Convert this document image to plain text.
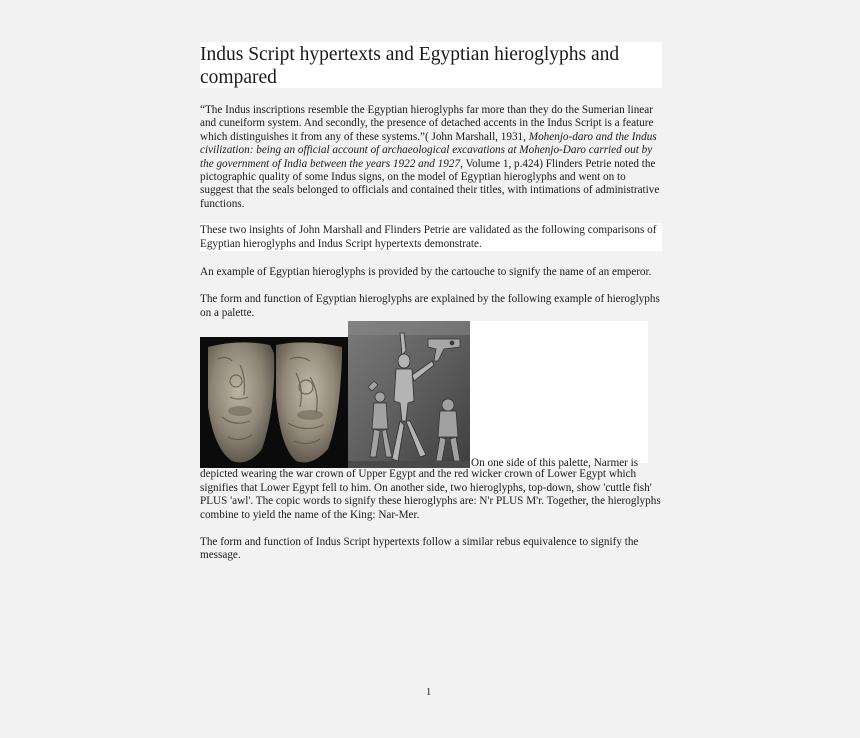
Indus Script hypertexts and Egyptian hieroglyphs and compared

“The Indus inscriptions resemble the Egyptian hieroglyphs far more than they do the Sumerian linear and cuneiform system. And secondly, the presence of detached accents in the Indus Script is a feature which distinguishes it from any of these systems.”( John Marshall, 1931, Mohenjo-daro and the Indus civilization: being an official account of archaeological excavations at Mohenjo-Daro carried out by the government of India between the years 1922 and 1927, Volume 1, p.424) Flinders Petrie noted the pictographic quality of some Indus signs, on the model of Egyptian hieroglyphs and went on to suggest that the seals belonged to officials and contained their titles, with intimations of administrative functions.

These two insights of John Marshall and Flinders Petrie are validated as the following comparisons of Egyptian hieroglyphs and Indus Script hypertexts demonstrate.

An example of Egyptian hieroglyphs is provided by the cartouche to signify the name of an emperor.

The form and function of Egyptian hieroglyphs are explained by the following example of hieroglyphs on a palette.

On one side of this palette, Narmer is

depicted wearing the war crown of Upper Egypt and the red wicker crown of Lower Egypt which signifies that Lower Egypt fell to him. On another side, two hieroglyphs, top-down, show 'cuttle fish' PLUS 'awl'. The copic words to signify these hieroglyphs are: N'r PLUS M'r. Together, the hieroglyphs combine to yield the name of the King: Nar-Mer.

The form and function of Indus Script hypertexts follow a similar rebus equivalence to signify the message.

1
